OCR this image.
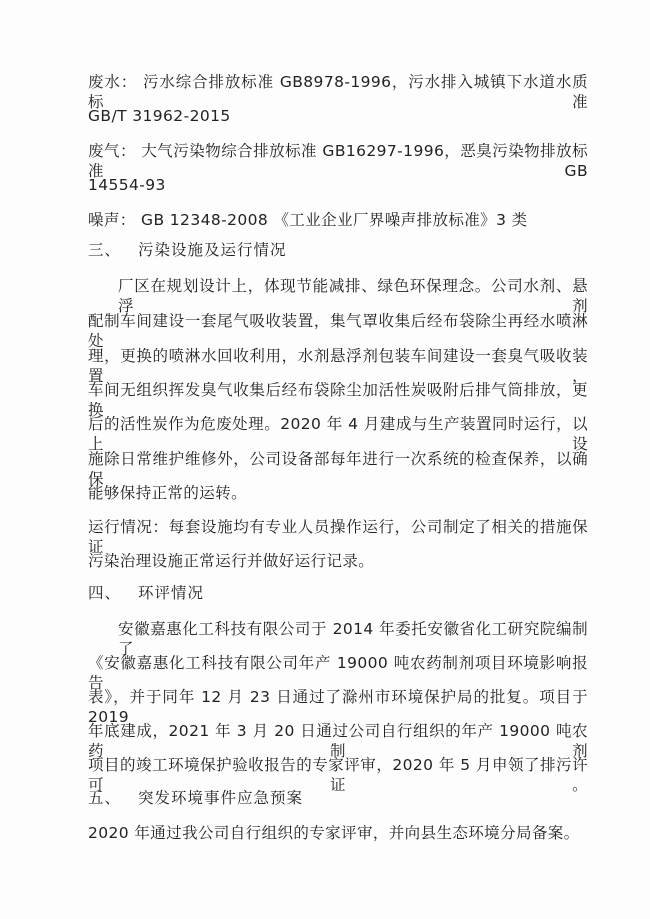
废水： 污水综合排放标准 GB8978-1996，污水排入城镇下水道水质标准
GB/T 31962-2015
废气： 大气污染物综合排放标准 GB16297-1996，恶臭污染物排放标准 GB
14554-93
噪声： GB 12348-2008 《工业企业厂界噪声排放标准》3 类
三、 污染设施及运行情况
厂区在规划设计上，体现节能减排、绿色环保理念。公司水剂、悬浮剂
配制车间建设一套尾气吸收装置，集气罩收集后经布袋除尘再经水喷淋处
理，更换的喷淋水回收利用，水剂悬浮剂包装车间建设一套臭气吸收装置，
车间无组织挥发臭气收集后经布袋除尘加活性炭吸附后排气筒排放，更换
后的活性炭作为危废处理。2020 年 4 月建成与生产装置同时运行，以上设
施除日常维护维修外，公司设备部每年进行一次系统的检查保养，以确保
能够保持正常的运转。
运行情况：每套设施均有专业人员操作运行，公司制定了相关的措施保证
污染治理设施正常运行并做好运行记录。
四、 环评情况
安徽嘉惠化工科技有限公司于 2014 年委托安徽省化工研究院编制了
《安徽嘉惠化工科技有限公司年产 19000 吨农药制剂项目环境影响报告
表》，并于同年 12 月 23 日通过了滁州市环境保护局的批复。项目于 2019
年底建成，2021 年 3 月 20 日通过公司自行组织的年产 19000 吨农药制剂
项目的竣工环境保护验收报告的专家评审，2020 年 5 月申领了排污许可证。
五、 突发环境事件应急预案
2020 年通过我公司自行组织的专家评审，并向县生态环境分局备案。
